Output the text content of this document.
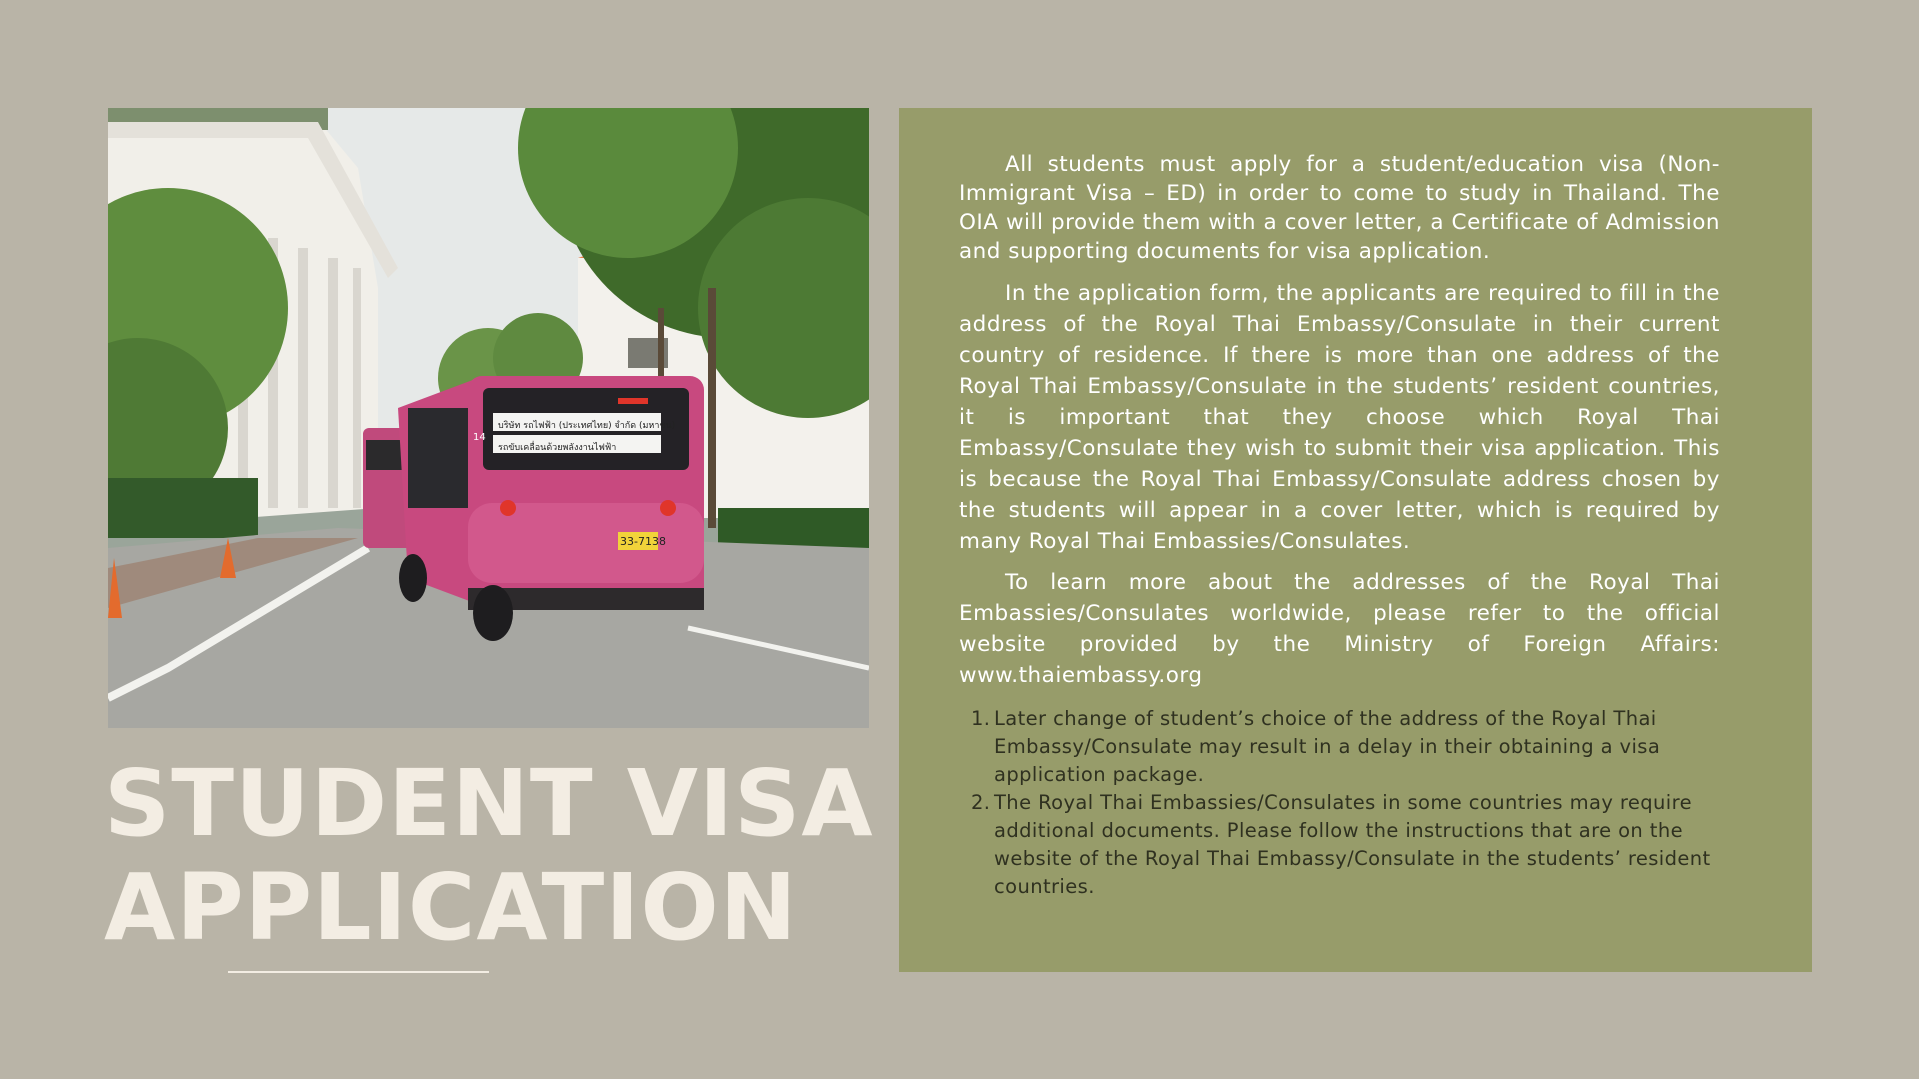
บริษัท รถไฟฟ้า (ประเทศไทย) จำกัด (มหาชน)
รถขับเคลื่อนด้วยพลังงานไฟฟ้า
14
33-7138
STUDENT VISA
APPLICATION

All students must apply for a student/education visa (Non-Immigrant Visa – ED) in order to come to study in Thailand. The OIA will provide them with a cover letter, a Certificate of Admission and supporting documents for visa application.

In the application form, the applicants are required to fill in the address of the Royal Thai Embassy/Consulate in their current country of residence. If there is more than one address of the Royal Thai Embassy/Consulate in the students’ resident countries, it is important that they choose which Royal Thai Embassy/Consulate they wish to submit their visa application. This is because the Royal Thai Embassy/Consulate address chosen by the students will appear in a cover letter, which is required by many Royal Thai Embassies/Consulates.

To learn more about the addresses of the Royal Thai Embassies/Consulates worldwide, please refer to the official website provided by the Ministry of Foreign Affairs: www.thaiembassy.org

1. Later change of student’s choice of the address of the Royal Thai Embassy/Consulate may result in a delay in their obtaining a visa application package.
2. The Royal Thai Embassies/Consulates in some countries may require additional documents. Please follow the instructions that are on the website of the Royal Thai Embassy/Consulate in the students’ resident countries.
